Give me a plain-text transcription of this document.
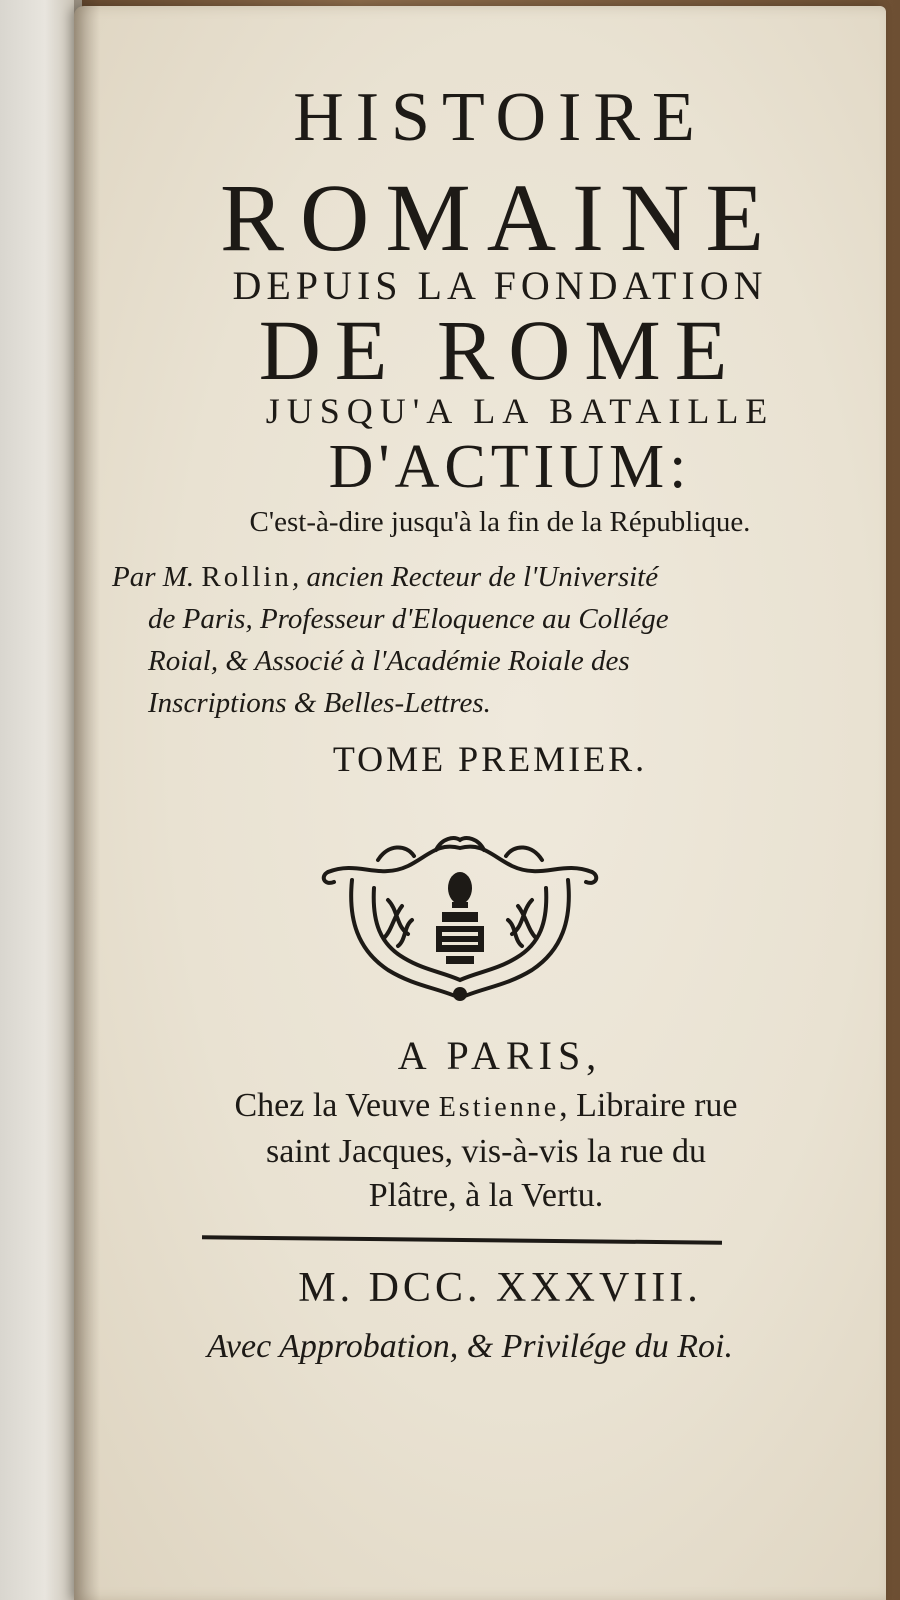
HISTOIRE

ROMAINE

DEPUIS LA FONDATION

DE ROME

JUSQU'A LA BATAILLE

D'ACTIUM:

C'est-à-dire jusqu'à la fin de la République.

Par M. Rollin, ancien Recteur de l'Université
de Paris, Professeur d'Eloquence au Collége
Roial, & Associé à l'Académie Roiale des
Inscriptions & Belles-Lettres.

TOME PREMIER.

A PARIS,

Chez la Veuve Estienne, Libraire rue
saint Jacques, vis-à-vis la rue du
Plâtre, à la Vertu.

M. DCC. XXXVIII.

Avec Approbation, & Privilége du Roi.
